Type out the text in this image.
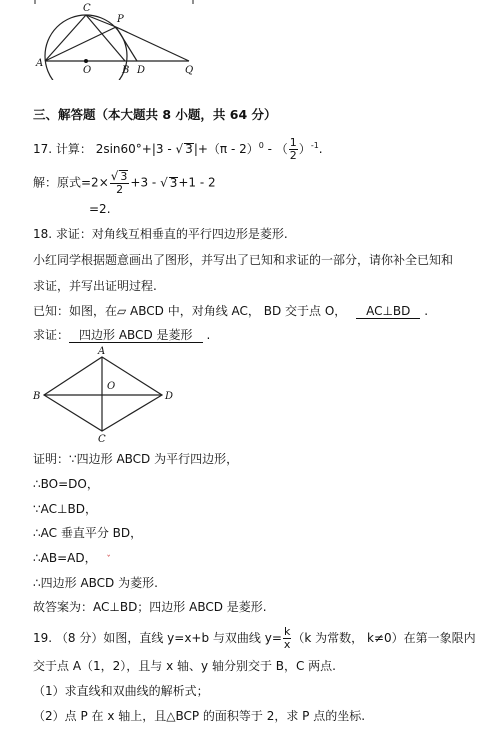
A
O	B D	Q
C
P
三、解答题（本大题共 8 小题，共 64 分）
17. 计算： 2sin60°+|3 - √ 3|+（π - 2）$^0$ - （ $\frac{1}{2} )^{-1}$.
解：原式$=2\times \frac{√ 3}{2} +3$ - √ 3+1 - 2
=2.
18. 求证：对角线互相垂直的平行四边形是菱形.
小红同学根据题意画出了图形，并写出了已知和求证的一部分，请你补全已知和
求证，并写出证明过程.
已知：如图，在▱ ABCD 中，对角线 AC， BD 交于点 O， AC⊥BD .
求证： 四边形 ABCD 是菱形 .
A
B	D
C
O
证明：∵四边形 ABCD 为平行四边形，
∴BO=DO，
∵AC⊥BD，
∴AC 垂直平分 BD，
∴AB=AD， ˇ
∴四边形 ABCD 为菱形.
故答案为：AC⊥BD；四边形 ABCD 是菱形.
19. （8 分）如图，直线 y=x+b 与双曲线 $y= \frac{k}{x} (k$ 为常数， k≠0）在第一象限内
交于点 A（1，2），且与 x 轴、y 轴分别交于 B，C 两点.
（1）求直线和双曲线的解析式；
（2）点 P 在 x 轴上，且△BCP 的面积等于 2，求 P 点的坐标.
